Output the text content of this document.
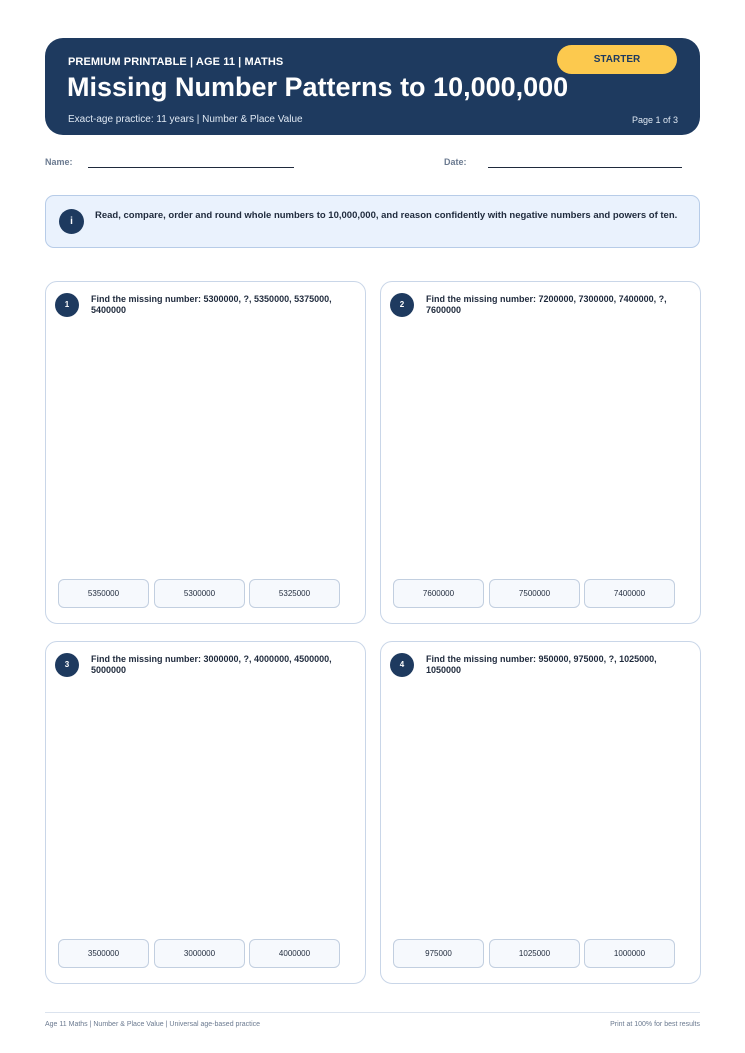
PREMIUM PRINTABLE | AGE 11 | MATHS
Missing Number Patterns to 10,000,000
Exact-age practice: 11 years | Number & Place Value	Page 1 of 3
STARTER
Name:	Date:
i
Read, compare, order and round whole numbers to 10,000,000, and reason confidently with negative numbers and powers of ten.
1
Find the missing number: 5300000, ?, 5350000, 5375000, 5400000
5350000	5300000	5325000
2
Find the missing number: 7200000, 7300000, 7400000, ?, 7600000
7600000	7500000	7400000
3
Find the missing number: 3000000, ?, 4000000, 4500000, 5000000
3500000	3000000	4000000
4
Find the missing number: 950000, 975000, ?, 1025000, 1050000
975000	1025000	1000000
Age 11 Maths | Number & Place Value | Universal age-based practice	Print at 100% for best results
